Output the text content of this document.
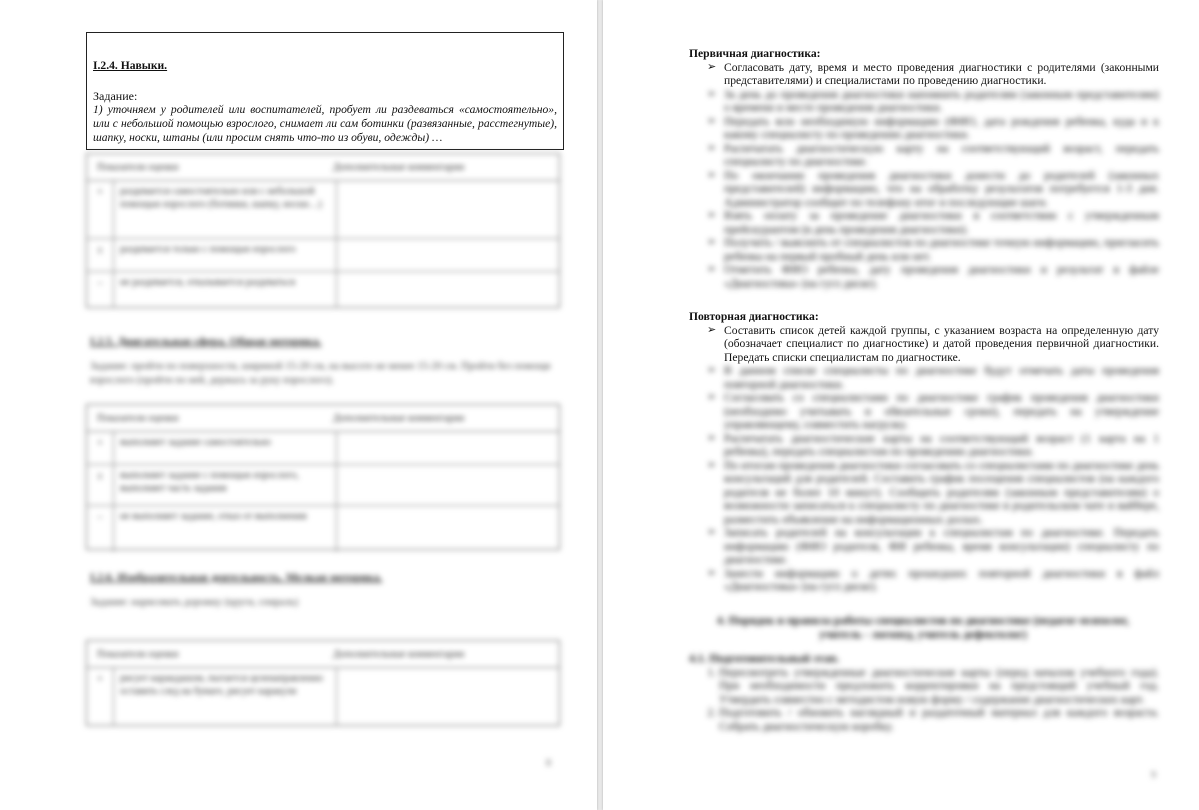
I.2.4. Навыки.
Задание:
1) уточняем у родителей или воспитателей, пробует ли раздеваться «самостоятельно», или с небольшой помощью взрослого, снимает ли сам ботинки (развязанные, расстегнутые), шапку, носки, штаны (или просим снять что-то из обуви, одежды) …
Показатели оценки	Дополнительные комментарии
+	раздевается самостоятельно или с небольшой помощью взрослого (ботинки, шапку, носки…)
±	раздевается только с помощью взрослого
–	не раздевается, отказывается раздеваться
I.2.5. Двигательная сфера. Общая моторика.
Задание: пройти по поверхности, шириной 15-20 см, на высоте не менее 15-20 см. Пройти без помощи взрослого (пройти по ней, держась за руку взрослого).
Показатели оценки	Дополнительные комментарии
+	выполняет задание самостоятельно
±	выполняет задание с помощью взрослого, выполняет часть задания
–	не выполняет задание, отказ от выполнения
I.2.6. Изобразительная деятельность. Мелкая моторика.
Задание: нарисовать дорожку (круги, спираль)
Показатели оценки	Дополнительные комментарии
+	рисует карандашом, пытается целенаправленно оставить след на бумаге, рисует каракули
8
Первичная диагностика:
➢ Согласовать дату, время и место проведения диагностики с родителями (законными представителями) и специалистами по проведению диагностики.
➢ За день до проведения диагностики напомнить родителям (законным представителям) о времени и месте проведения диагностики.
➢ Передать всю необходимую информацию (ФИО, дата рождения ребенка, куда и к какому специалисту по проведению диагностики.
➢ Распечатать диагностическую карту на соответствующий возраст, передать специалисту по диагностике.
➢ По окончании проведения диагностики донести до родителей (законных представителей) информацию, что на обработку результатов потребуется 1-3 дня. Администратор сообщит по телефону итог и последующие шаги.
➢ Взять оплату за проведение диагностики в соответствии с утвержденным прейскурантом (в день проведения диагностики).
➢ Получить / выяснить от специалистов по диагностике точную информацию, пригласить ребенка на первый пробный день или нет.
➢ Отметить ФИО ребенка, дату проведения диагностики и результат в файле «Диагностика» (на гугл диске).
Повторная диагностика:
➢ Составить список детей каждой группы, с указанием возраста на определенную дату (обозначает специалист по диагностике) и датой проведения первичной диагностики. Передать списки специалистам по диагностике.
➢ В данном списке специалисты по диагностике будут отмечать даты проведения повторной диагностики.
➢ Согласовать со специалистами по диагностике график проведения диагностики (необходимо учитывать и обязательные сроки), передать на утверждение управляющему, совместить нагрузку.
➢ Распечатать диагностические карты на соответствующий возраст (1 карта на 1 ребенка), передать специалистам по проведению диагностики.
➢ По итогам проведения диагностики согласовать со специалистами по диагностике день консультаций для родителей. Составить график посещения специалистов (на каждого родителя не более 10 минут). Сообщить родителям (законным представителям) о возможности записаться к специалисту по диагностике в родительском чате и вайбере, разместить объявление на информационных досках.
➢ Записать родителей на консультации к специалистам по диагностике. Передать информацию (ФИО родителя, ФИ ребенка, время консультации) специалисту по диагностике.
➢ Занести информацию о детях прошедших повторной диагностики в файл «Диагностика» (на гугл диске).
4. Порядок и правила работы специалистов по диагностике (педагог-психолог, учитель - логопед, учитель дефектолог)
4.1. Подготовительный этап.
1. Пересмотреть утвержденные диагностические карты (перед началом учебного года). При необходимости предложить корректировки на предстоящий учебный год. Утвердить совместно с методистом новую форму / содержание диагностических карт.
2. Подготовить / обновить наглядный и раздаточный материал для каждого возраста. Собрать диагностическую коробку.
9
